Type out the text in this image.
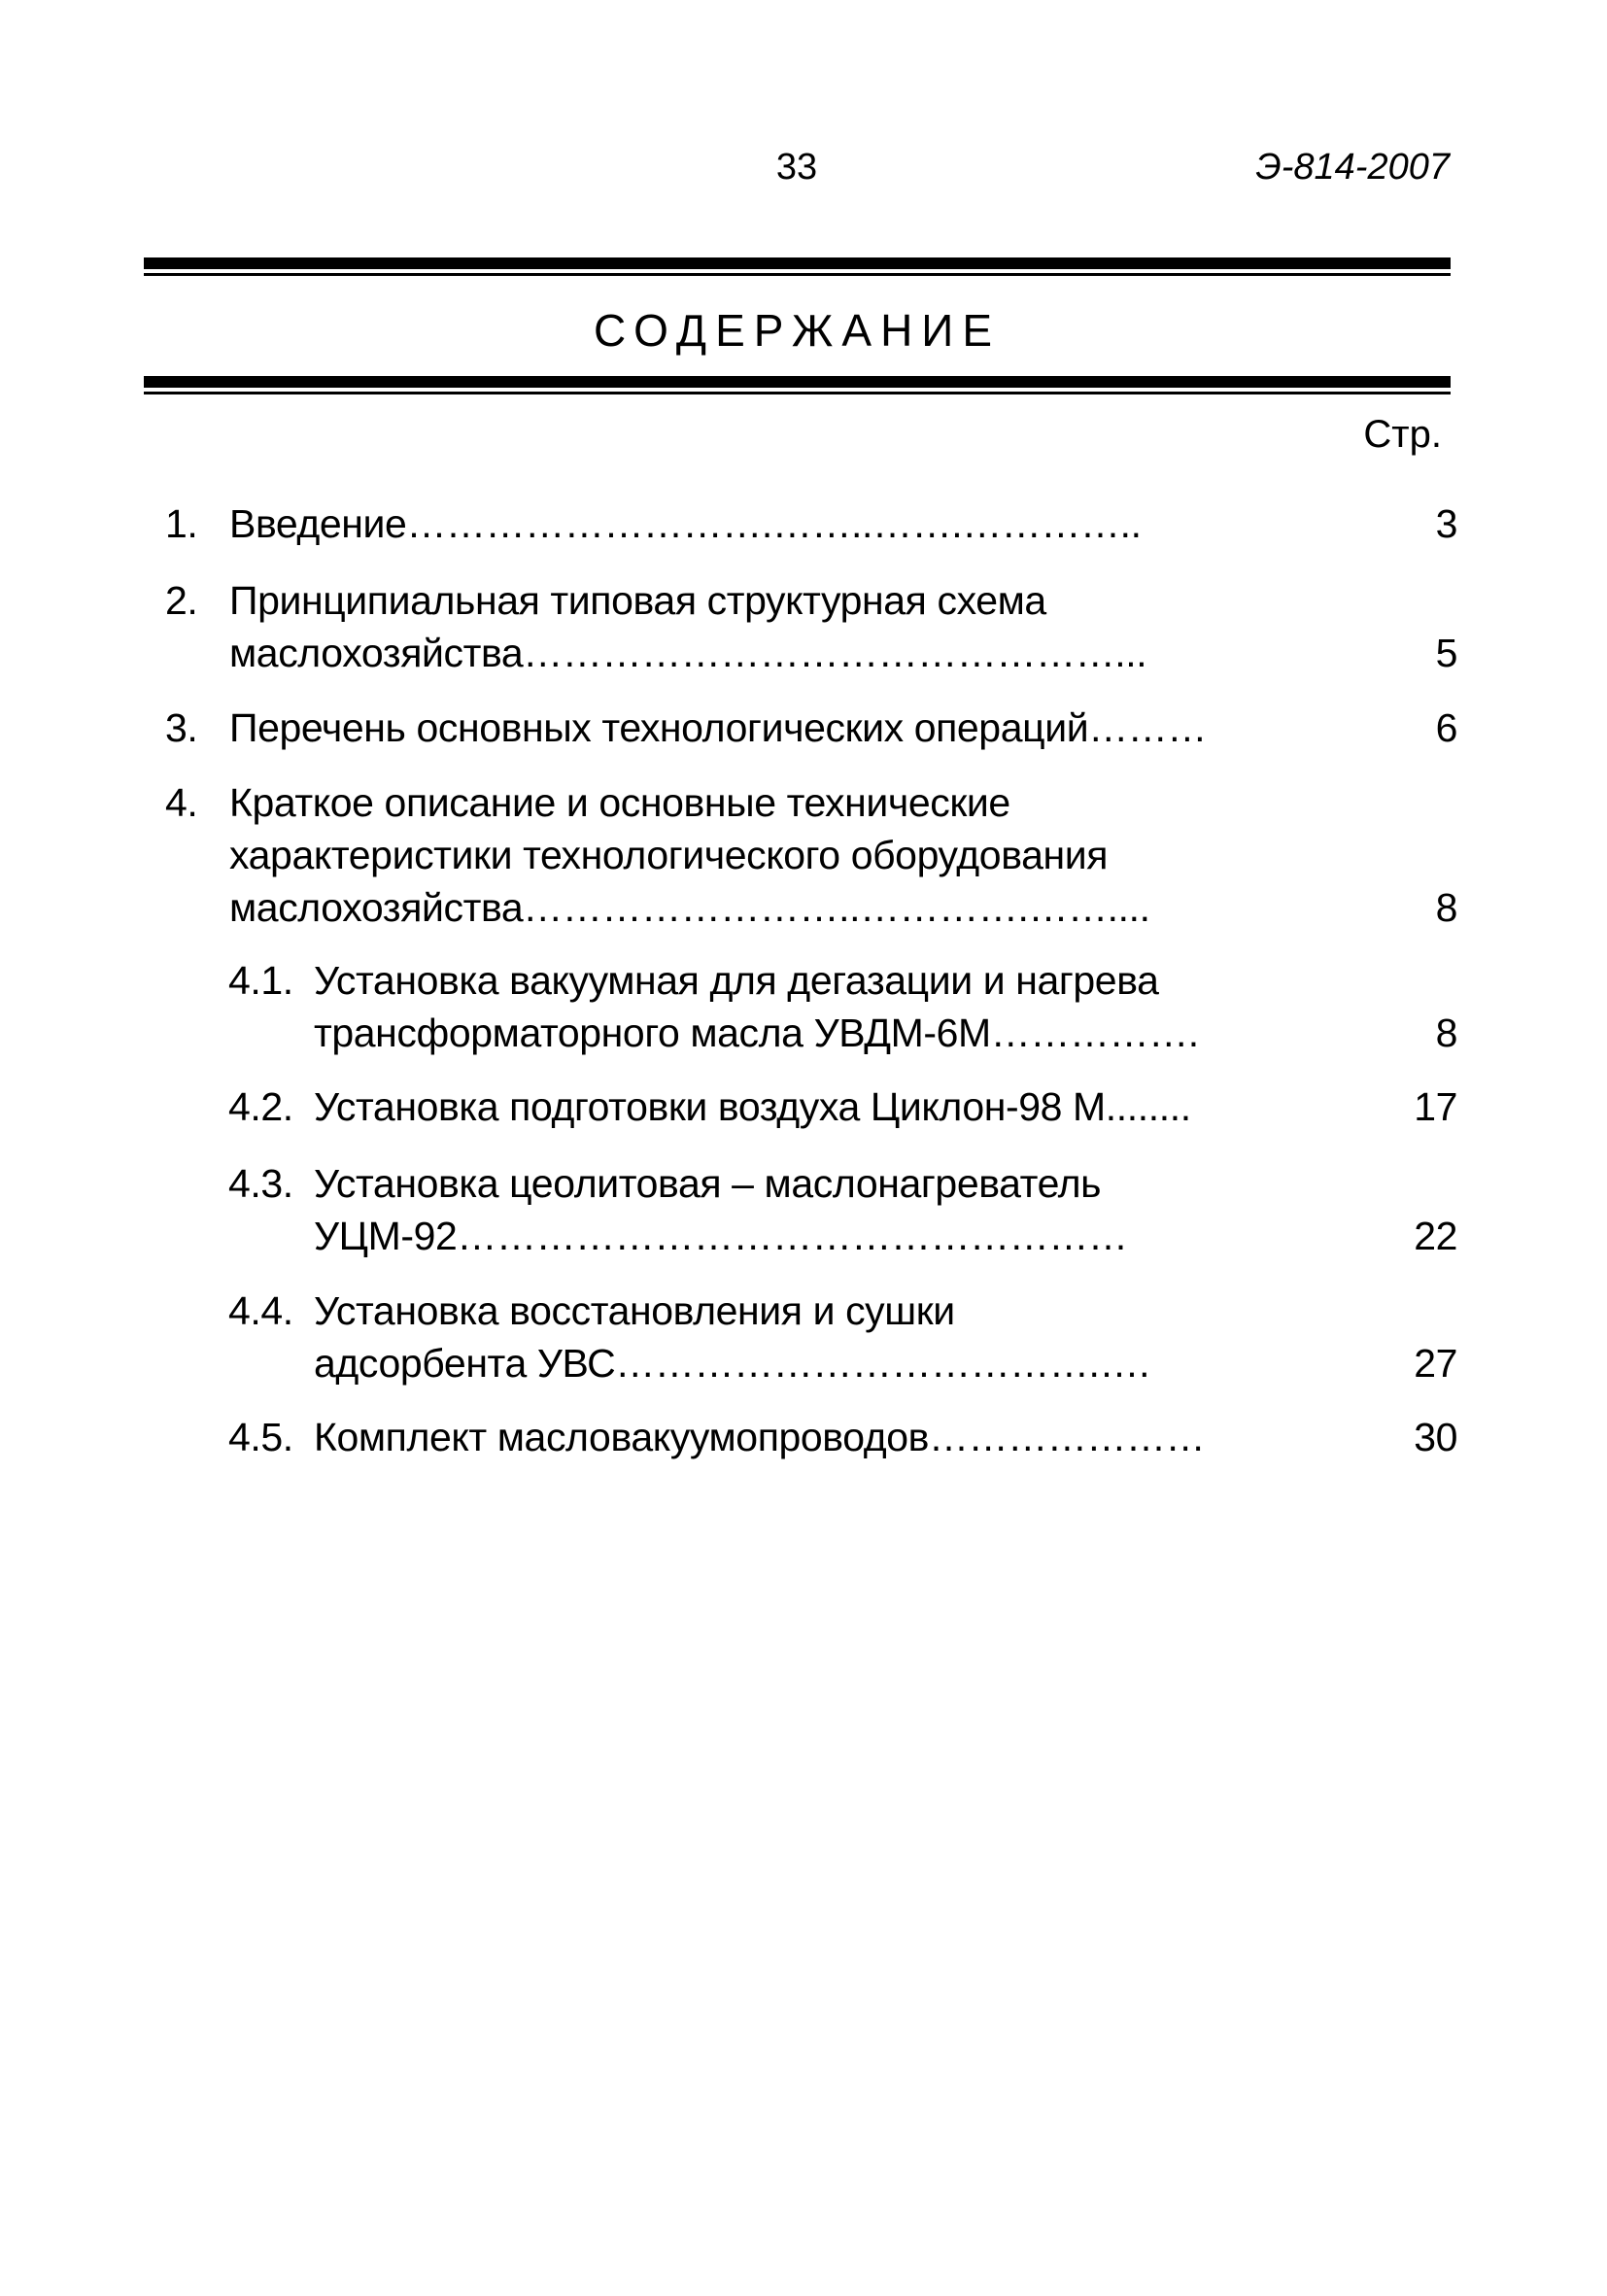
33	Э-814-2007
СОДЕРЖАНИЕ
Стр.
1. Введение……………………….……..…….…………..	3
2. Принципиальная типовая структурная схема
маслохозяйства………………………………………...	5
3. Перечень основных технологических операций………	6
4. Краткое описание и основные технические
характеристики технологического оборудования
маслохозяйства……………………..………….……....	8
4.1. Установка вакуумная для дегазации и нагрева
трансформаторного масла УВДМ-6М…………….	8
4.2. Установка подготовки воздуха Циклон-98 М........	17
4.3. Установка цеолитовая – маслонагреватель
УЦМ-92……………………………………………	22
4.4. Установка восстановления и сушки
адсорбента УВС……………………………….….	27
4.5. Комплект масловакуумопроводов…………………	30
